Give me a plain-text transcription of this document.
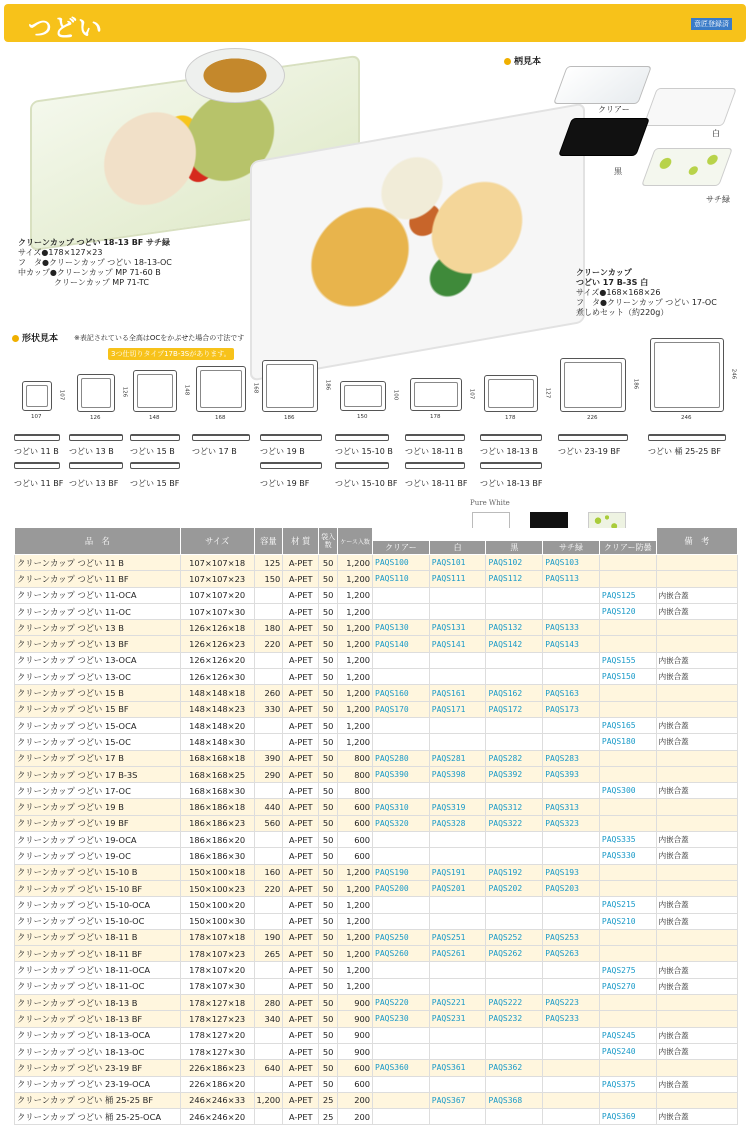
つどい	意匠登録済
クリーンカップ つどい 18-13 BF サチ緑
サイズ●178×127×23
フ　タ●クリーンカップ つどい 18-13-OC
中カップ●クリーンカップ MP 71-60 B
クリーンカップ MP 71-TC
クリーンカップ
つどい 17 B-3S 白
サイズ●168×168×26
フ　タ●クリーンカップ つどい 17-OC
煮しめセット（約220g）
柄見本
クリアー
白
黒
サチ緑
形状見本 ※表記されている全高はOCをかぶせた場合の寸法です
3つ仕切りタイプ17B-3Sがあります。
107
107
つどい 11 B
つどい 11 BF
126
126
つどい 13 B
つどい 13 BF
148
148
つどい 15 B
つどい 15 BF
168
168
つどい 17 B
186
186
つどい 19 B
つどい 19 BF
150
100
つどい 15-10 B
つどい 15-10 BF
178
107
つどい 18-11 B
つどい 18-11 BF
178
127
つどい 18-13 B
つどい 18-13 BF
226
186
つどい 23-19 BF
246
246
つどい 桶 25-25 BF
Pure White
品　名	サイズ	容量	材 質	袋入数	ケース入数						備　考
						クリアー	白	黒	サチ緑	クリアー防曇	
クリーンカップ つどい 11 B	107×107×18	125	A-PET	50	1,200	PAQS100	PAQS101	PAQS102	PAQS103		
クリーンカップ つどい 11 BF	107×107×23	150	A-PET	50	1,200	PAQS110	PAQS111	PAQS112	PAQS113		
クリーンカップ つどい 11-OCA	107×107×20		A-PET	50	1,200					PAQS125	内嵌合蓋
クリーンカップ つどい 11-OC	107×107×30		A-PET	50	1,200					PAQS120	内嵌合蓋
クリーンカップ つどい 13 B	126×126×18	180	A-PET	50	1,200	PAQS130	PAQS131	PAQS132	PAQS133		
クリーンカップ つどい 13 BF	126×126×23	220	A-PET	50	1,200	PAQS140	PAQS141	PAQS142	PAQS143		
クリーンカップ つどい 13-OCA	126×126×20		A-PET	50	1,200					PAQS155	内嵌合蓋
クリーンカップ つどい 13-OC	126×126×30		A-PET	50	1,200					PAQS150	内嵌合蓋
クリーンカップ つどい 15 B	148×148×18	260	A-PET	50	1,200	PAQS160	PAQS161	PAQS162	PAQS163		
クリーンカップ つどい 15 BF	148×148×23	330	A-PET	50	1,200	PAQS170	PAQS171	PAQS172	PAQS173		
クリーンカップ つどい 15-OCA	148×148×20		A-PET	50	1,200					PAQS165	内嵌合蓋
クリーンカップ つどい 15-OC	148×148×30		A-PET	50	1,200					PAQS180	内嵌合蓋
クリーンカップ つどい 17 B	168×168×18	390	A-PET	50	800	PAQS280	PAQS281	PAQS282	PAQS283		
クリーンカップ つどい 17 B-3S	168×168×25	290	A-PET	50	800	PAQS390	PAQS398	PAQS392	PAQS393		
クリーンカップ つどい 17-OC	168×168×30		A-PET	50	800					PAQS300	内嵌合蓋
クリーンカップ つどい 19 B	186×186×18	440	A-PET	50	600	PAQS310	PAQS319	PAQS312	PAQS313		
クリーンカップ つどい 19 BF	186×186×23	560	A-PET	50	600	PAQS320	PAQS328	PAQS322	PAQS323		
クリーンカップ つどい 19-OCA	186×186×20		A-PET	50	600					PAQS335	内嵌合蓋
クリーンカップ つどい 19-OC	186×186×30		A-PET	50	600					PAQS330	内嵌合蓋
クリーンカップ つどい 15-10 B	150×100×18	160	A-PET	50	1,200	PAQS190	PAQS191	PAQS192	PAQS193		
クリーンカップ つどい 15-10 BF	150×100×23	220	A-PET	50	1,200	PAQS200	PAQS201	PAQS202	PAQS203		
クリーンカップ つどい 15-10-OCA	150×100×20		A-PET	50	1,200					PAQS215	内嵌合蓋
クリーンカップ つどい 15-10-OC	150×100×30		A-PET	50	1,200					PAQS210	内嵌合蓋
クリーンカップ つどい 18-11 B	178×107×18	190	A-PET	50	1,200	PAQS250	PAQS251	PAQS252	PAQS253		
クリーンカップ つどい 18-11 BF	178×107×23	265	A-PET	50	1,200	PAQS260	PAQS261	PAQS262	PAQS263		
クリーンカップ つどい 18-11-OCA	178×107×20		A-PET	50	1,200					PAQS275	内嵌合蓋
クリーンカップ つどい 18-11-OC	178×107×30		A-PET	50	1,200					PAQS270	内嵌合蓋
クリーンカップ つどい 18-13 B	178×127×18	280	A-PET	50	900	PAQS220	PAQS221	PAQS222	PAQS223		
クリーンカップ つどい 18-13 BF	178×127×23	340	A-PET	50	900	PAQS230	PAQS231	PAQS232	PAQS233		
クリーンカップ つどい 18-13-OCA	178×127×20		A-PET	50	900					PAQS245	内嵌合蓋
クリーンカップ つどい 18-13-OC	178×127×30		A-PET	50	900					PAQS240	内嵌合蓋
クリーンカップ つどい 23-19 BF	226×186×23	640	A-PET	50	600	PAQS360	PAQS361	PAQS362			
クリーンカップ つどい 23-19-OCA	226×186×20		A-PET	50	600					PAQS375	内嵌合蓋
クリーンカップ つどい 桶 25-25 BF	246×246×33	1,200	A-PET	25	200		PAQS367	PAQS368			
クリーンカップ つどい 桶 25-25-OCA	246×246×20		A-PET	25	200					PAQS369	内嵌合蓋
